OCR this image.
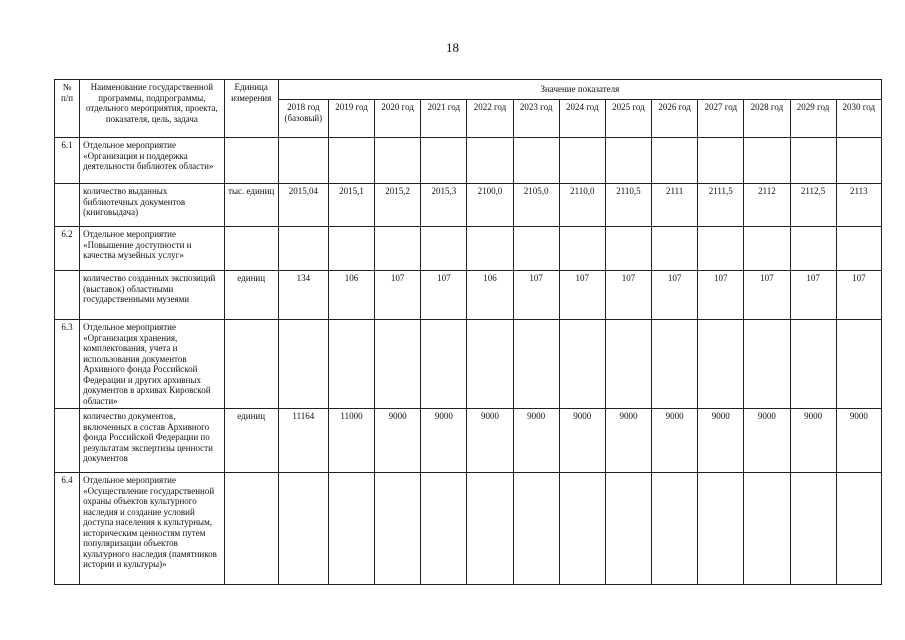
18
№ п/п	Наименование государственной программы, подпрограммы, отдельного мероприятия, проекта, показателя, цель, задача	Единица измерения	Значение показателя												
			2018 год (базовый)	2019 год	2020 год	2021 год	2022 год	2023 год	2024 год	2025 год	2026 год	2027 год	2028 год	2029 год	2030 год
6.1	Отдельное мероприятие «Организация и поддержка деятельности библиотек области»														
	количество выданных библиотечных документов (книговыдача)	тыс. единиц	2015,04	2015,1	2015,2	2015,3	2100,0	2105,0	2110,0	2110,5	2111	2111,5	2112	2112,5	2113
6.2	Отдельное мероприятие «Повышение доступности и качества музейных услуг»														
	количество созданных экспозиций (выставок) областными государственными музеями	единиц	134	106	107	107	106	107	107	107	107	107	107	107	107
6.3	Отдельное мероприятие «Организация хранения, комплектования, учета и использования документов Архивного фонда Российской Федерации и других архивных документов в архивах Кировской области»														
	количество документов, включенных в состав Архивного фонда Российской Федерации по результатам экспертизы ценности документов	единиц	11164	11000	9000	9000	9000	9000	9000	9000	9000	9000	9000	9000	9000
6.4	Отдельное мероприятие «Осуществление государственной охраны объектов культурного наследия и создание условий доступа населения к культурным, историческим ценностям путем популяризации объектов культурного наследия (памятников истории и культуры)»														
